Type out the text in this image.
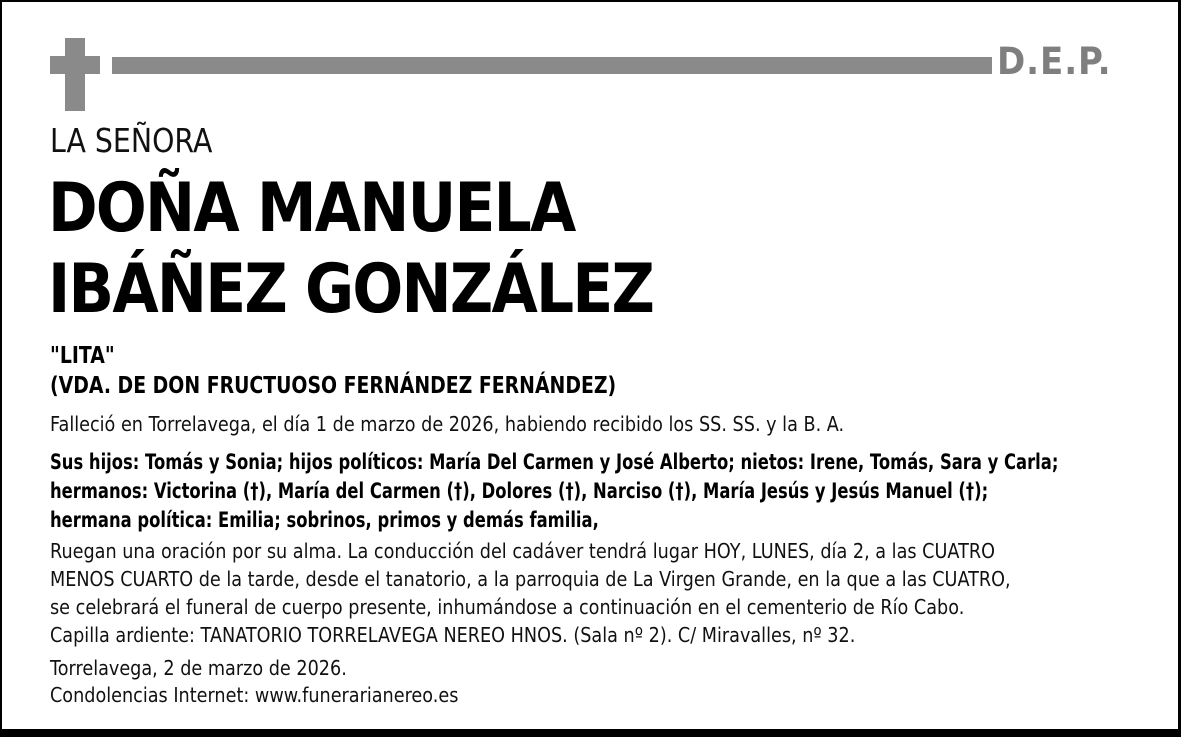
D.E.P.
LA SEÑORA
DOÑA MANUELA
IBÁÑEZ GONZÁLEZ
"LITA"
(VDA. DE DON FRUCTUOSO FERNÁNDEZ FERNÁNDEZ)
Falleció en Torrelavega, el día 1 de marzo de 2026, habiendo recibido los SS. SS. y la B. A.
Sus hijos: Tomás y Sonia; hijos políticos: María Del Carmen y José Alberto; nietos: Irene, Tomás, Sara y Carla;
hermanos: Victorina (†), María del Carmen (†), Dolores (†), Narciso (†), María Jesús y Jesús Manuel (†);
hermana política: Emilia; sobrinos, primos y demás familia,
Ruegan una oración por su alma. La conducción del cadáver tendrá lugar HOY, LUNES, día 2, a las CUATRO
MENOS CUARTO de la tarde, desde el tanatorio, a la parroquia de La Virgen Grande, en la que a las CUATRO,
se celebrará el funeral de cuerpo presente, inhumándose a continuación en el cementerio de Río Cabo.
Capilla ardiente: TANATORIO TORRELAVEGA NEREO HNOS. (Sala nº 2). C/ Miravalles, nº 32.
Torrelavega, 2 de marzo de 2026.
Condolencias Internet: www.funerarianereo.es
